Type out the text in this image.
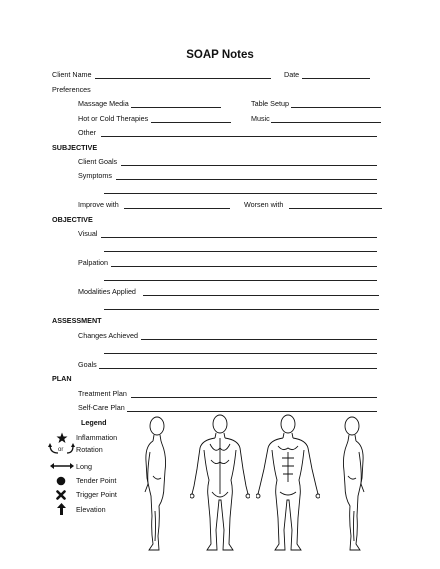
SOAP Notes
Client Name	Date
Preferences
Massage Media	Table Setup
Hot or Cold Therapies	Music
Other
SUBJECTIVE
Client Goals
Symptoms
Improve with	Worsen with
OBJECTIVE
Visual
Palpation
Modalities Applied
ASSESSMENT
Changes Achieved
Goals
PLAN
Treatment Plan
Self-Care Plan
Legend
Inflammation
or Rotation
Long
Tender Point
Trigger Point
Elevation
